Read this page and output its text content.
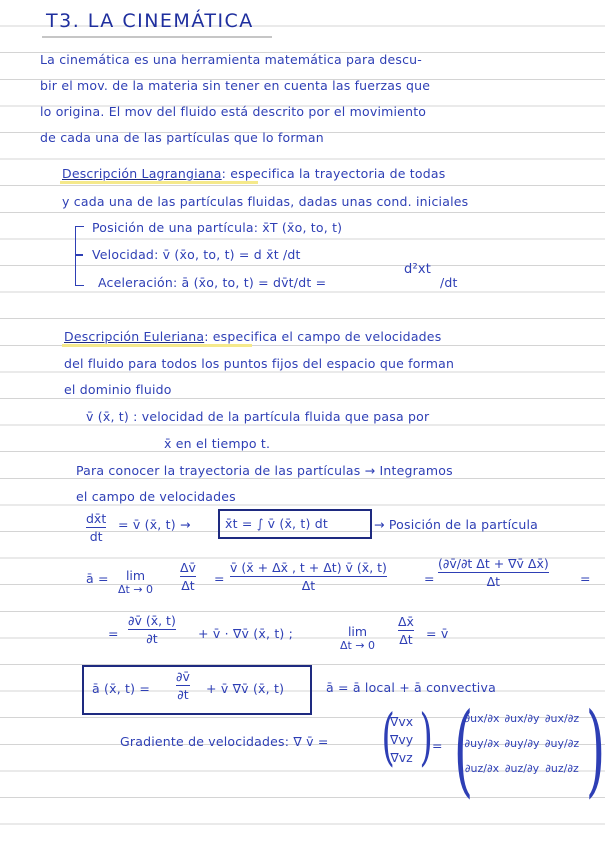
T3. LA CINEMÁTICA
La cinemática es una herramienta matemática para descu-
bir el mov. de la materia sin tener en cuenta las fuerzas que
lo origina. El mov del fluido está descrito por el movimiento
de cada una de las partículas que lo forman
Descripción Lagrangiana: especifica la trayectoria de todas
y cada una de las partículas fluidas, dadas unas cond. iniciales
Posición de una partícula: x̄T (x̄o, to, t)
Velocidad: v̄ (x̄o, to, t) = d x̄t /dt
Aceleración: ā (x̄o, to, t) = dv̄t/dt =
d²xt
/dt
Descripción Euleriana: especifica el campo de velocidades
del fluido para todos los puntos fijos del espacio que forman
el dominio fluido
v̄ (x̄, t) : velocidad de la partícula fluida que pasa por
x̄ en el tiempo t.
Para conocer la trayectoria de las partículas → Integramos
el campo de velocidades
dx̄t
dt
= v̄ (x̄, t) →	x̄t = ∫ v̄ (x̄, t) dt	→ Posición de la partícula
ā = lim
Δt → 0
Δv̄
Δt =
v̄ (x̄ + Δx̄ , t + Δt) v̄ (x̄, t)
Δt	=
(∂v̄/∂t Δt + ∇v̄ Δx̄)
Δt	=
=
∂v̄ (x̄, t)
∂t	+ v̄ · ∇v̄ (x̄, t) ;	lim
Δt → 0
Δx̄
Δt = v̄
ā (x̄, t) =
∂v̄
∂t + v̄ ∇v̄ (x̄, t)	ā = ā local + ā convectiva
Gradiente de velocidades: ∇ v̄ = (
∇vx
∇vy
∇vz ) = (
∂ux/∂x ∂ux/∂y ∂ux/∂z
∂uy/∂x ∂uy/∂y ∂uy/∂z
∂uz/∂x ∂uz/∂y ∂uz/∂z )
